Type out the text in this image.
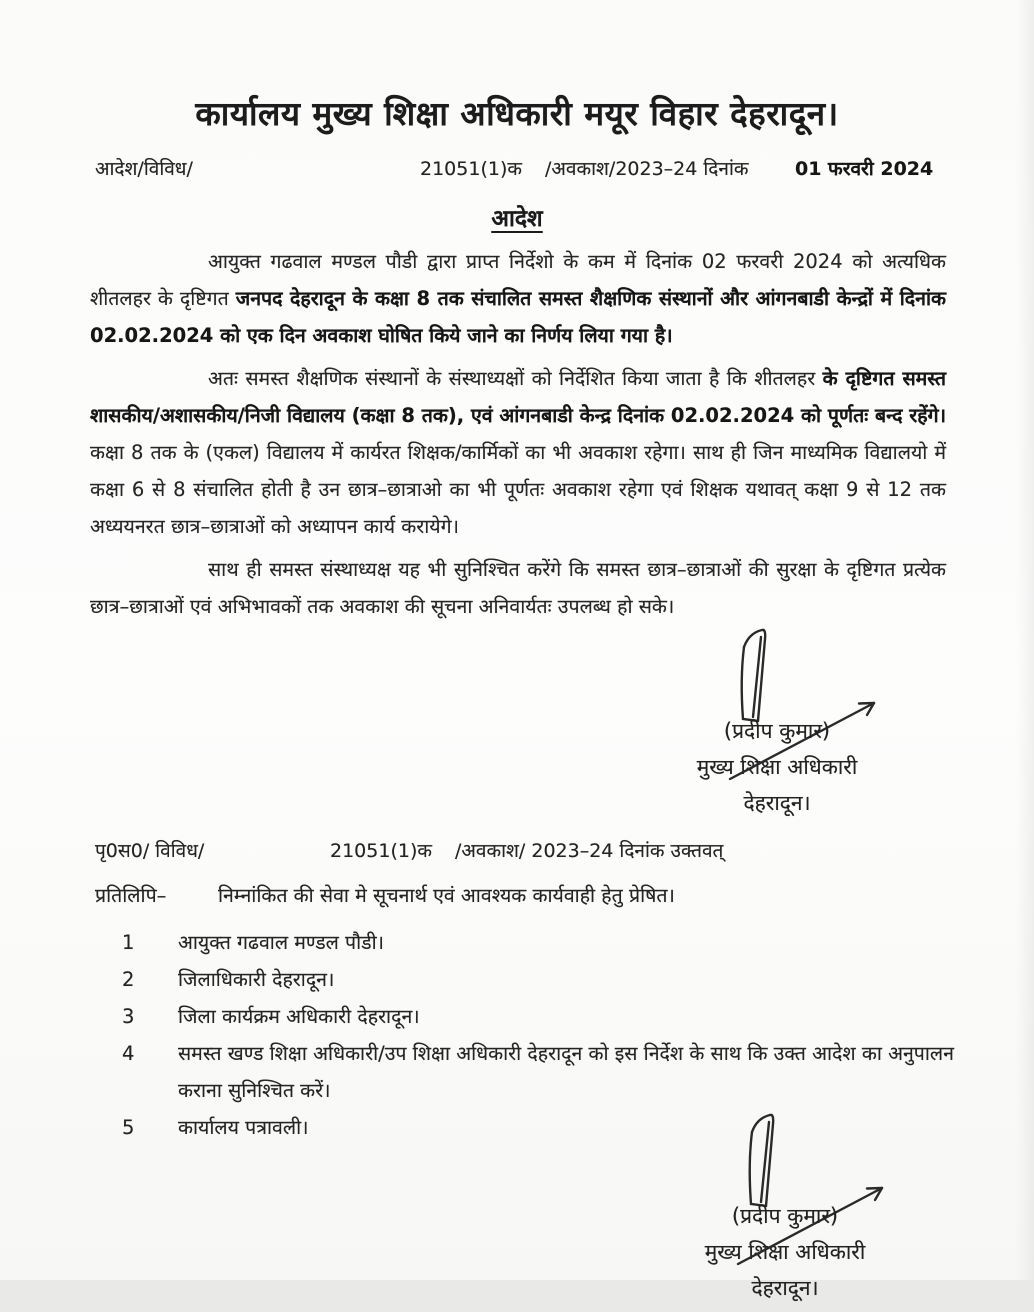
कार्यालय मुख्य शिक्षा अधिकारी मयूर विहार देहरादून।
आदेश/विविध/	21051(1)क /अवकाश/2023–24 दिनांक 01 फरवरी 2024
आदेश

आयुक्त गढवाल मण्डल पौडी द्वारा प्राप्त निर्देशो के कम में दिनांक 02 फरवरी 2024 को अत्यधिक शीतलहर के दृष्टिगत जनपद देहरादून के कक्षा 8 तक संचालित समस्त शैक्षणिक संस्थानों और आंगनबाडी केन्द्रों में दिनांक 02.02.2024 को एक दिन अवकाश घोषित किये जाने का निर्णय लिया गया है।

अतः समस्त शैक्षणिक संस्थानों के संस्थाध्यक्षों को निर्देशित किया जाता है कि शीतलहर के दृष्टिगत समस्त शासकीय/अशासकीय/निजी विद्यालय (कक्षा 8 तक), एवं आंगनबाडी केन्द्र दिनांक 02.02.2024 को पूर्णतः बन्द रहेंगे। कक्षा 8 तक के (एकल) विद्यालय में कार्यरत शिक्षक/कार्मिकों का भी अवकाश रहेगा। साथ ही जिन माध्यमिक विद्यालयो में कक्षा 6 से 8 संचालित होती है उन छात्र–छात्राओ का भी पूर्णतः अवकाश रहेगा एवं शिक्षक यथावत् कक्षा 9 से 12 तक अध्ययनरत छात्र–छात्राओं को अध्यापन कार्य करायेगे।

साथ ही समस्त संस्थाध्यक्ष यह भी सुनिश्चित करेंगे कि समस्त छात्र–छात्राओं की सुरक्षा के दृष्टिगत प्रत्येक छात्र–छात्राओं एवं अभिभावकों तक अवकाश की सूचना अनिवार्यतः उपलब्ध हो सके।

(प्रदीप कुमार)
मुख्य शिक्षा अधिकारी
देहरादून।
पृ0स0/ विविध/	21051(1)क /अवकाश/ 2023–24 दिनांक उक्तवत्
प्रतिलिपि–	निम्नांकित की सेवा मे सूचनार्थ एवं आवश्यक कार्यवाही हेतु प्रेषित।
1	आयुक्त गढवाल मण्डल पौडी।
2	जिलाधिकारी देहरादून।
3	जिला कार्यक्रम अधिकारी देहरादून।
4	समस्त खण्ड शिक्षा अधिकारी/उप शिक्षा अधिकारी देहरादून को इस निर्देश के साथ कि उक्त आदेश का अनुपालन कराना सुनिश्चित करें।
5	कार्यालय पत्रावली।
(प्रदीप कुमार)
मुख्य शिक्षा अधिकारी
देहरादून।
